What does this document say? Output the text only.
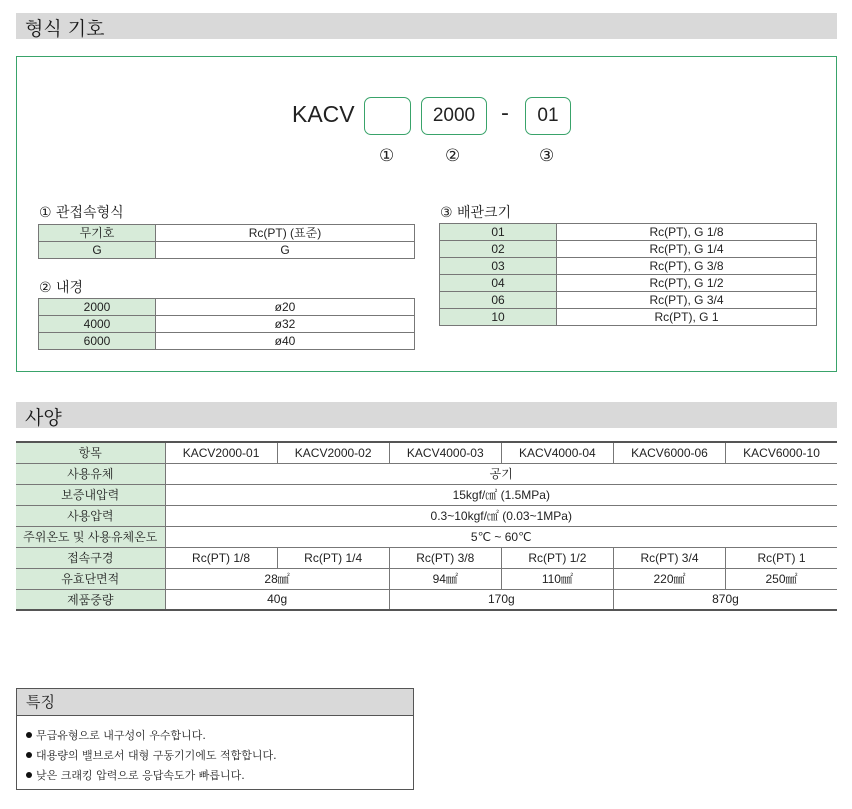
형식 기호
KACV	2000	-	01
①	②	③
① 관접속형식
무기호	Rc(PT) (표준)
G	G
② 내경
2000	ø20
4000	ø32
6000	ø40
③ 배관크기
01	Rc(PT), G 1/8
02	Rc(PT), G 1/4
03	Rc(PT), G 3/8
04	Rc(PT), G 1/2
06	Rc(PT), G 3/4
10	Rc(PT), G 1
사양
항목	KACV2000-01	KACV2000-02	KACV4000-03	KACV4000-04	KACV6000-06	KACV6000-10
사용유체	공기					
보증내압력	15kgf/㎠ (1.5MPa)					
사용압력	0.3~10kgf/㎠ (0.03~1MPa)					
주위온도 및 사용유체온도	5℃ ~ 60℃					
접속구경	Rc(PT) 1/8	Rc(PT) 1/4	Rc(PT) 3/8	Rc(PT) 1/2	Rc(PT) 3/4	Rc(PT) 1
유효단면적	28㎟		94㎟	110㎟	220㎟	250㎟
제품중량	40g		170g		870g	
특징
무급유형으로 내구성이 우수합니다.
대용량의 밸브로서 대형 구동기기에도 적합합니다.
낮은 크래킹 압력으로 응답속도가 빠릅니다.
